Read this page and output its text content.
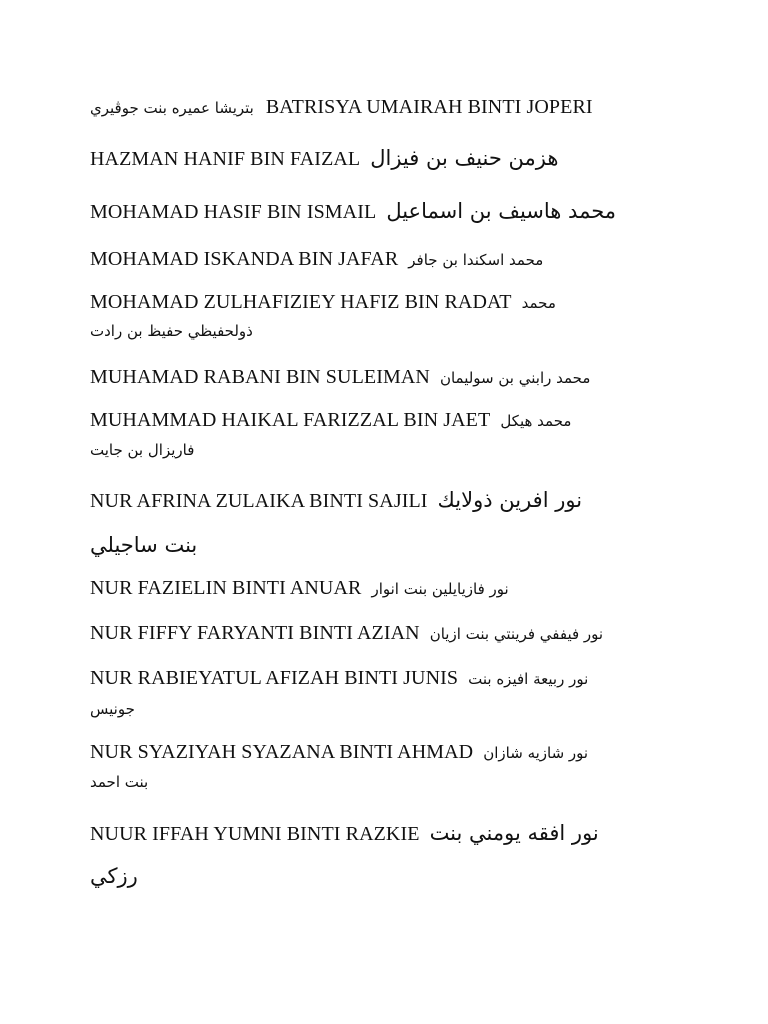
بتريشا عميره بنت جوڤيري BATRISYA UMAIRAH BINTI JOPERI
HAZMAN HANIF BIN FAIZAL هزمن حنيف بن فيزال
MOHAMAD HASIF BIN ISMAIL محمد هاسيف بن اسماعيل
MOHAMAD ISKANDA BIN JAFAR محمد اسكندا بن جافر
MOHAMAD ZULHAFIZIEY HAFIZ BIN RADAT محمد
ذولحفيظي حفيظ بن رادت
MUHAMAD RABANI BIN SULEIMAN محمد رابني بن سوليمان
MUHAMMAD HAIKAL FARIZZAL BIN JAET محمد هيكل
فاريزال بن جايت
NUR AFRINA ZULAIKA BINTI SAJILI نور افرين ذولايك
بنت ساجيلي
NUR FAZIELIN BINTI ANUAR نور فازيايلين بنت انوار
NUR FIFFY FARYANTI BINTI AZIAN نور فيففي فرينتي بنت ازيان
NUR RABIEYATUL AFIZAH BINTI JUNIS نور ربيعة افيزه بنت
جونيس
NUR SYAZIYAH SYAZANA BINTI AHMAD نور شازيه شازان
بنت احمد
NUUR IFFAH YUMNI BINTI RAZKIE نور افقه يومني بنت
رزكي
